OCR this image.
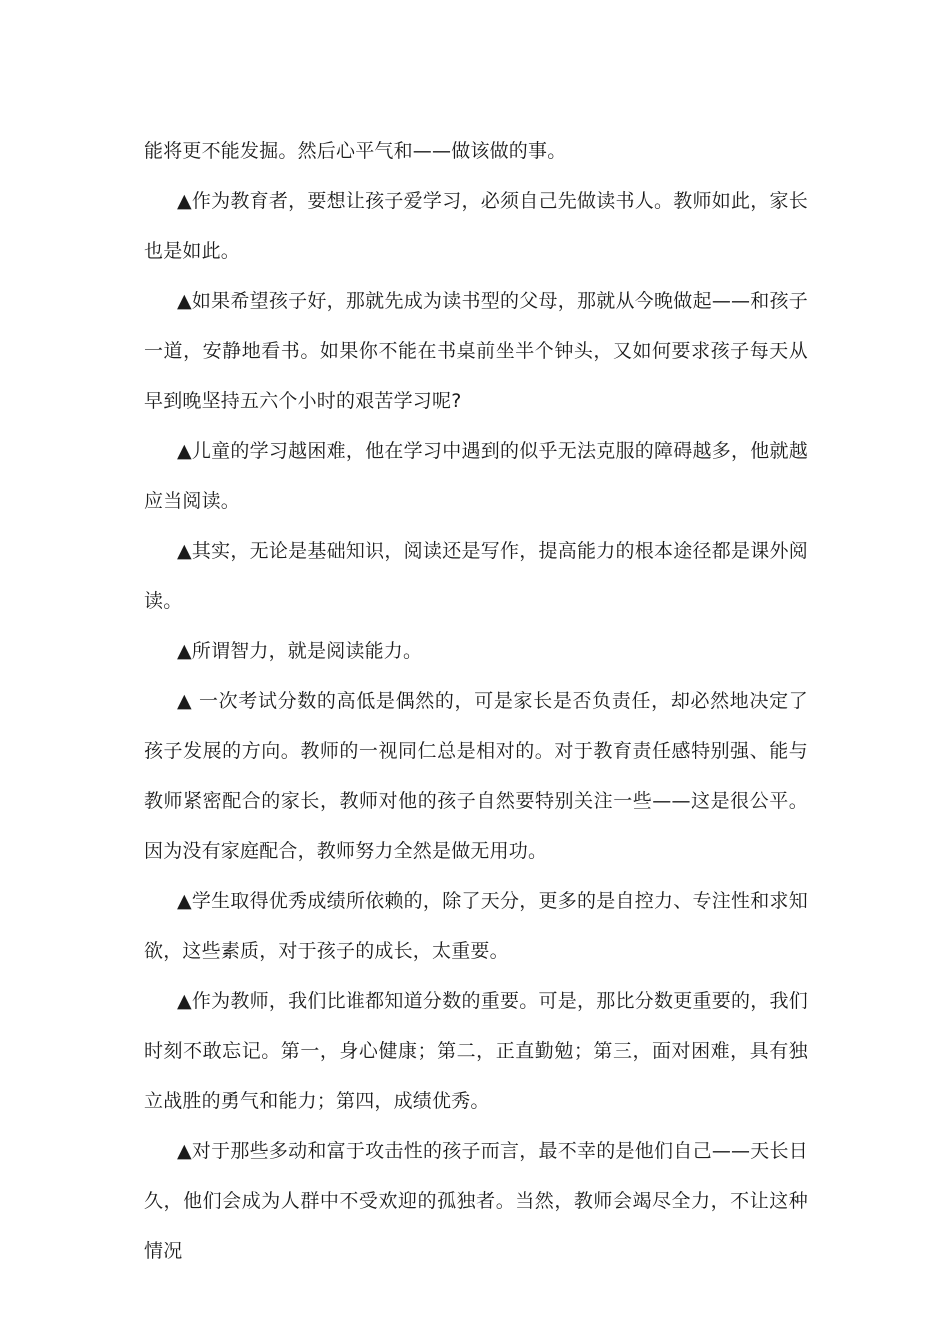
能将更不能发掘。然后心平气和——做该做的事。

▲作为教育者，要想让孩子爱学习，必须自己先做读书人。教师如此，家长也是如此。

▲如果希望孩子好，那就先成为读书型的父母，那就从今晚做起——和孩子一道，安静地看书。如果你不能在书桌前坐半个钟头，又如何要求孩子每天从早到晚坚持五六个小时的艰苦学习呢?

▲儿童的学习越困难，他在学习中遇到的似乎无法克服的障碍越多，他就越应当阅读。

▲其实，无论是基础知识，阅读还是写作，提高能力的根本途径都是课外阅读。

▲所谓智力，就是阅读能力。

▲ 一次考试分数的高低是偶然的，可是家长是否负责任，却必然地决定了孩子发展的方向。教师的一视同仁总是相对的。对于教育责任感特别强、能与教师紧密配合的家长，教师对他的孩子自然要特别关注一些——这是很公平。因为没有家庭配合，教师努力全然是做无用功。

▲学生取得优秀成绩所依赖的，除了天分，更多的是自控力、专注性和求知欲，这些素质，对于孩子的成长，太重要。

▲作为教师，我们比谁都知道分数的重要。可是，那比分数更重要的，我们时刻不敢忘记。第一，身心健康；第二，正直勤勉；第三，面对困难，具有独立战胜的勇气和能力；第四，成绩优秀。

▲对于那些多动和富于攻击性的孩子而言，最不幸的是他们自己——天长日久，他们会成为人群中不受欢迎的孤独者。当然，教师会竭尽全力，不让这种情况
